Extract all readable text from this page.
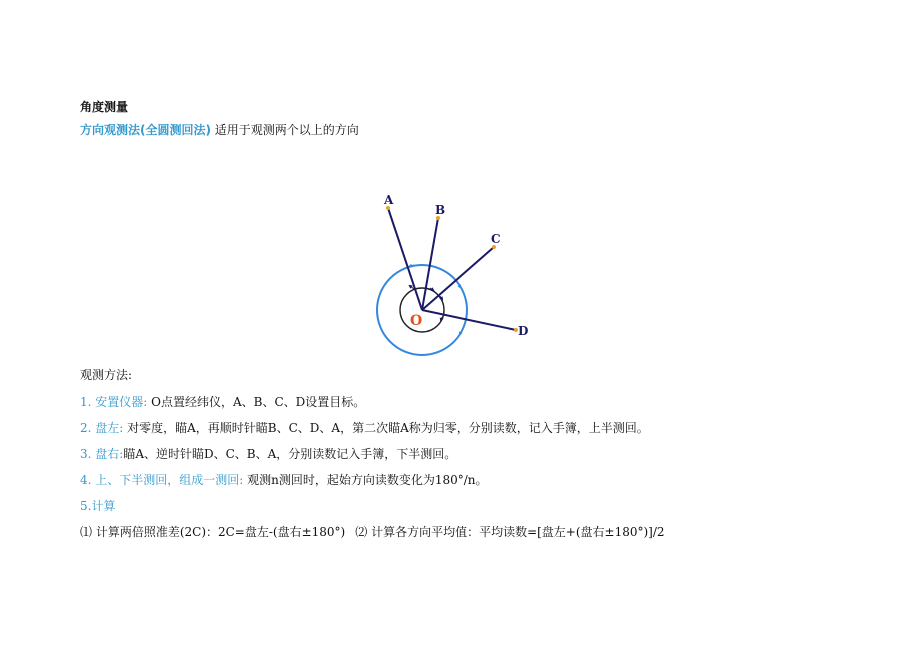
角度测量
方向观测法(全圆测回法) 适用于观测两个以上的方向
A
B
C
D
O
观测方法:
1. 安置仪器: O点置经纬仪，A、B、C、D设置目标。
2. 盘左: 对零度，瞄A，再顺时针瞄B、C、D、A，第二次瞄A称为归零，分别读数，记入手簿，上半测回。
3. 盘右:瞄A、逆时针瞄D、C、B、A，分别读数记入手簿，下半测回。
4. 上、下半测回，组成一测回: 观测n测回时，起始方向读数变化为180°/n。
5.计算
⑴ 计算两倍照准差(2C)：2C=盘左-(盘右±180°) ⑵ 计算各方向平均值：平均读数=[盘左+(盘右±180°)]/2
